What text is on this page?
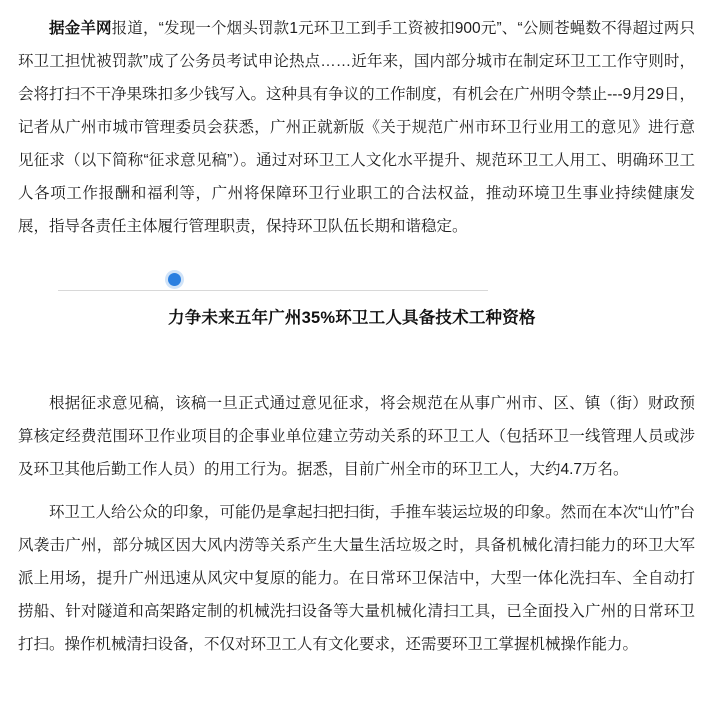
据金羊网报道，“发现一个烟头罚款1元环卫工到手工资被扣900元”、“公厕苍蝇数不得超过两只环卫工担忧被罚款”成了公务员考试申论热点……近年来，国内部分城市在制定环卫工工作守则时，会将打扫不干净果珠扣多少钱写入。这种具有争议的工作制度，有机会在广州明令禁止---9月29日，记者从广州市城市管理委员会获悉，广州正就新版《关于规范广州市环卫行业用工的意见》进行意见征求（以下简称“征求意见稿”）。通过对环卫工人文化水平提升、规范环卫工人用工、明确环卫工人各项工作报酬和福利等，广州将保障环卫行业职工的合法权益，推动环境卫生事业持续健康发展，指导各责任主体履行管理职责，保持环卫队伍长期和谐稳定。

力争未来五年广州35%环卫工人具备技术工种资格

根据征求意见稿，该稿一旦正式通过意见征求，将会规范在从事广州市、区、镇（街）财政预算核定经费范围环卫作业项目的企事业单位建立劳动关系的环卫工人（包括环卫一线管理人员或涉及环卫其他后勤工作人员）的用工行为。据悉，目前广州全市的环卫工人，大约4.7万名。

环卫工人给公众的印象，可能仍是拿起扫把扫街，手推车装运垃圾的印象。然而在本次“山竹”台风袭击广州，部分城区因大风内涝等关系产生大量生活垃圾之时，具备机械化清扫能力的环卫大军派上用场，提升广州迅速从风灾中复原的能力。在日常环卫保洁中，大型一体化洗扫车、全自动打捞船、针对隧道和高架路定制的机械洗扫设备等大量机械化清扫工具，已全面投入广州的日常环卫打扫。操作机械清扫设备，不仅对环卫工人有文化要求，还需要环卫工掌握机械操作能力。
